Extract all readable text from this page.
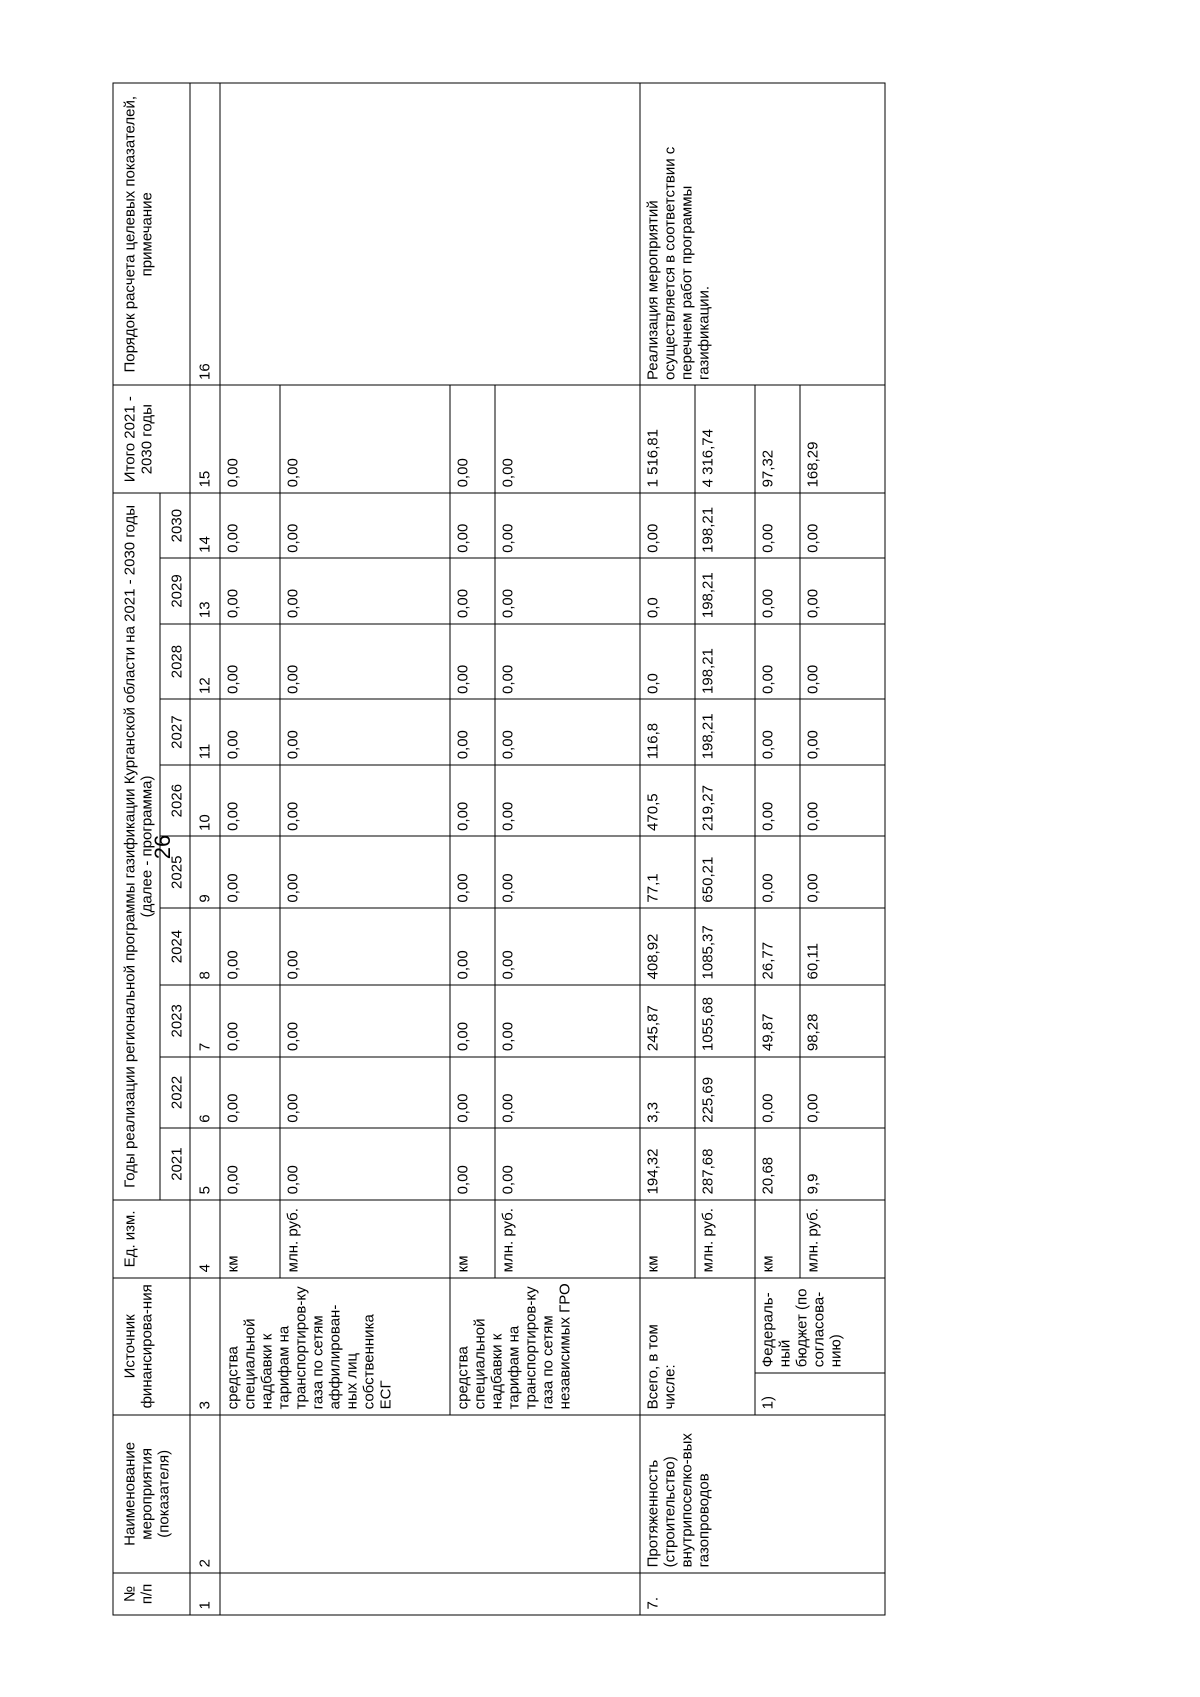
26
№ п/п	Наименование мероприятия (показателя)	Источник финансирова-ния		Ед. изм.	Годы реализации региональной программы газификации Курганской области на 2021 - 2030 годы (далее - программа)										Итого 2021 - 2030 годы	Порядок расчета целевых показателей, примечание
					2021	2022	2023	2024	2025	2026	2027	2028	2029	2030		
1	2	3		4	5	6	7	8	9	10	11	12	13	14	15	16
		средства специальной надбавки к тарифам на транспортиров-ку газа по сетям аффилирован-ных лиц собственника ЕСГ		км	0,00	0,00	0,00	0,00	0,00	0,00	0,00	0,00	0,00	0,00	0,00	
				млн. руб.	0,00	0,00	0,00	0,00	0,00	0,00	0,00	0,00	0,00	0,00	0,00	
		средства специальной надбавки к тарифам на транспортиров-ку газа по сетям независимых ГРО		км	0,00	0,00	0,00	0,00	0,00	0,00	0,00	0,00	0,00	0,00	0,00	
				млн. руб.	0,00	0,00	0,00	0,00	0,00	0,00	0,00	0,00	0,00	0,00	0,00	
7.	Протяженность (строительство) внутрипоселко-вых газопроводов	Всего, в том числе:		км	194,32	3,3	245,87	408,92	77,1	470,5	116,8	0,0	0,0	0,00	1 516,81	Реализация мероприятий осуществляется в соответствии с перечнем работ программы газификации.
				млн. руб.	287,68	225,69	1055,68	1085,37	650,21	219,27	198,21	198,21	198,21	198,21	4 316,74	
		1)	Федераль-ный бюджет (по согласова-нию)	км	20,68	0,00	49,87	26,77	0,00	0,00	0,00	0,00	0,00	0,00	97,32	
				млн. руб.	9,9	0,00	98,28	60,11	0,00	0,00	0,00	0,00	0,00	0,00	168,29	
